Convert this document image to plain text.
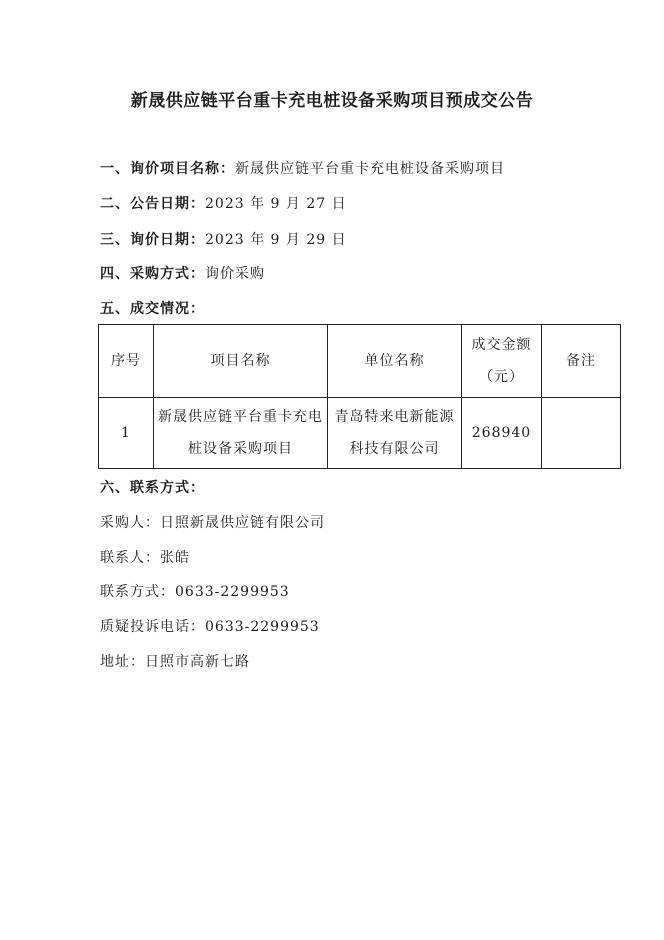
新晟供应链平台重卡充电桩设备采购项目预成交公告
一、询价项目名称：新晟供应链平台重卡充电桩设备采购项目
二、公告日期：2023 年 9 月 27 日
三、询价日期：2023 年 9 月 29 日
四、采购方式：询价采购
五、成交情况：
序号	项目名称	单位名称	成交金额（元）	备注
1	新晟供应链平台重卡充电桩设备采购项目	青岛特来电新能源科技有限公司	268940	
六、联系方式：
采购人：日照新晟供应链有限公司
联系人：张皓
联系方式：0633-2299953
质疑投诉电话：0633-2299953
地址：日照市高新七路
